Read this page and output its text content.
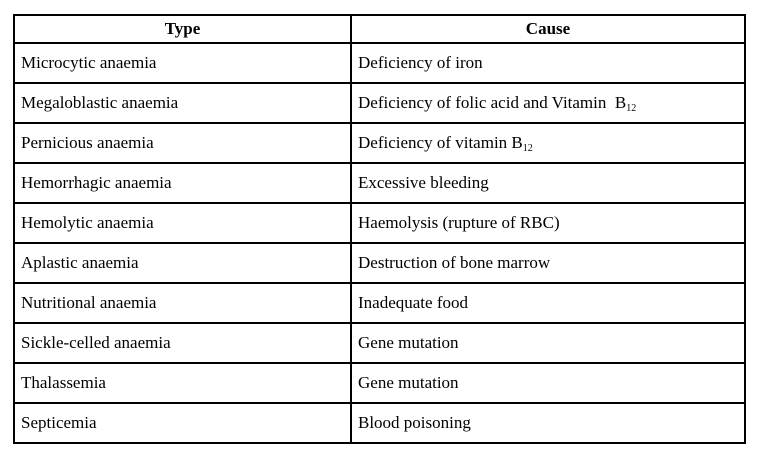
Type	Cause
Microcytic anaemia	Deficiency of iron
Megaloblastic anaemia	Deficiency of folic acid and Vitamin  $B_{12}$
Pernicious anaemia	Deficiency of vitamin $B_{12}$
Hemorrhagic anaemia	Excessive bleeding
Hemolytic anaemia	Haemolysis (rupture of RBC)
Aplastic anaemia	Destruction of bone marrow
Nutritional anaemia	Inadequate food
Sickle-celled anaemia	Gene mutation
Thalassemia	Gene mutation
Septicemia	Blood poisoning
